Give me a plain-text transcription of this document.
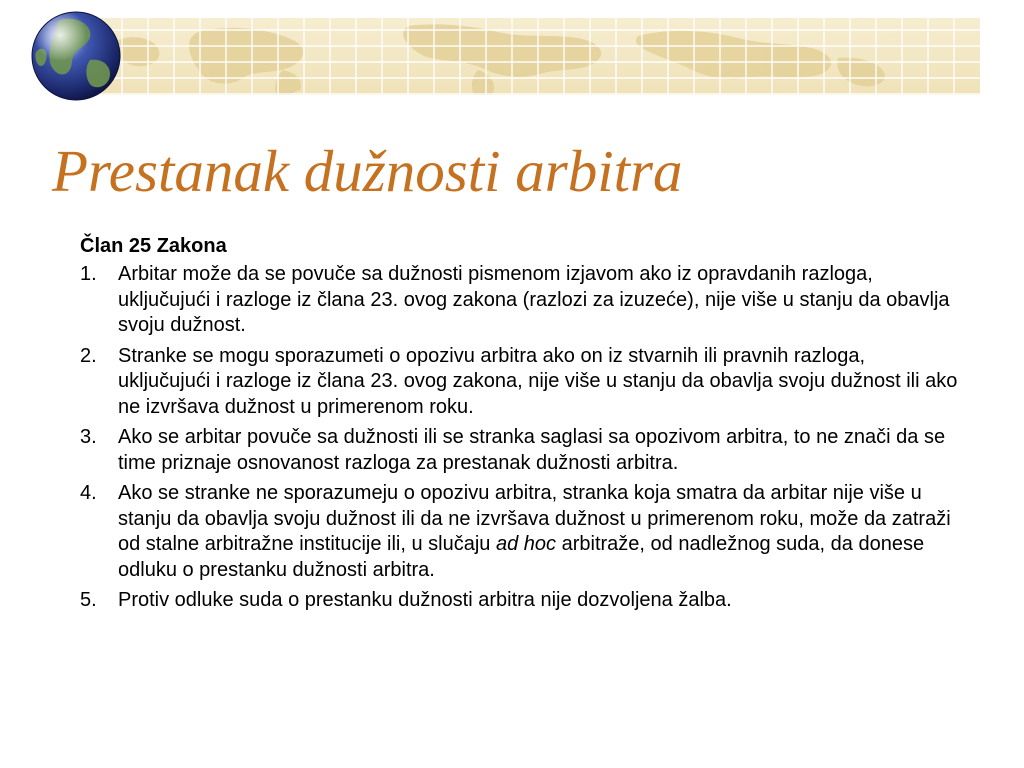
Prestanak dužnosti arbitra
Član 25 Zakona
1. Arbitar može da se povuče sa dužnosti pismenom izjavom ako iz opravdanih razloga, uključujući i razloge iz člana 23. ovog zakona (razlozi za izuzeće), nije više u stanju da obavlja svoju dužnost.
2. Stranke se mogu sporazumeti o opozivu arbitra ako on iz stvarnih ili pravnih razloga, uključujući i razloge iz člana 23. ovog zakona, nije više u stanju da obavlja svoju dužnost ili ako ne izvršava dužnost u primerenom roku.
3. Ako se arbitar povuče sa dužnosti ili se stranka saglasi sa opozivom arbitra, to ne znači da se time priznaje osnovanost razloga za prestanak dužnosti arbitra.
4. Ako se stranke ne sporazumeju o opozivu arbitra, stranka koja smatra da arbitar nije više u stanju da obavlja svoju dužnost ili da ne izvršava dužnost u primerenom roku, može da zatraži od stalne arbitražne institucije ili, u slučaju ad hoc arbitraže, od nadležnog suda, da donese odluku o prestanku dužnosti arbitra.
5. Protiv odluke suda o prestanku dužnosti arbitra nije dozvoljena žalba.
